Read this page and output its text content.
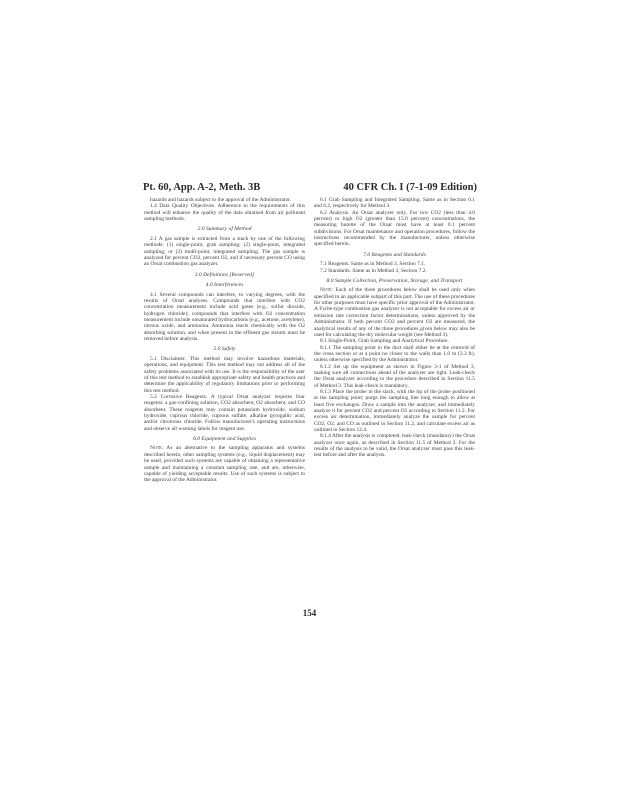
Pt. 60, App. A-2, Meth. 3B	40 CFR Ch. I (7-1-09 Edition)

hazards and hazards subject to the approval of the Administrator.

1.4 Data Quality Objectives. Adherence to the requirements of this method will enhance the quality of the data obtained from air pollutant sampling methods.

2.0 Summary of Method

2.1 A gas sample is extracted from a stack by one of the following methods: (1) single-point, grab sampling; (2) single-point, integrated sampling; or (3) multi-point, integrated sampling. The gas sample is analyzed for percent CO2, percent O2, and if necessary percent CO using an Orsat combustion gas analyzer.

3.0 Definitions [Reserved]
4.0 Interferences

4.1 Several compounds can interfere, to varying degrees, with the results of Orsat analyses. Compounds that interfere with CO2 concentration measurement include acid gases (e.g., sulfur dioxide, hydrogen chloride); compounds that interfere with O2 concentration measurement include unsaturated hydrocarbons (e.g., acetone, acetylene), nitrous oxide, and ammonia. Ammonia reacts chemically with the O2 absorbing solution, and when present in the effluent gas stream must be removed before analysis.

5.0 Safety

5.1 Disclaimer. This method may involve hazardous materials, operations, and equipment. This test method may not address all of the safety problems associated with its use. It is the responsibility of the user of this test method to establish appropriate safety and health practices and determine the applicability of regulatory limitations prior to performing this test method.

5.2 Corrosive Reagents. A typical Orsat analyzer requires four reagents: a gas-confining solution, CO2 absorbent, O2 absorbent, and CO absorbent. These reagents may contain potassium hydroxide, sodium hydroxide, cuprous chloride, cuprous sulfate, alkaline pyrogallic acid, and/or chromous chloride. Follow manufacturer's operating instructions and observe all warning labels for reagent use.

6.0 Equipment and Supplies

Note: As an alternative to the sampling apparatus and systems described herein, other sampling systems (e.g., liquid displacement) may be used, provided such systems are capable of obtaining a representative sample and maintaining a constant sampling rate, and are, otherwise, capable of yielding acceptable results. Use of such systems is subject to the approval of the Administrator.

6.1 Grab Sampling and Integrated Sampling. Same as in Section 6.1 and 6.2, respectively for Method 3.

6.2 Analysis. An Orsat analyzer only. For low CO2 (less than 4.0 percent) or high O2 (greater than 15.0 percent) concentrations, the measuring burette of the Orsat must have at least 0.1 percent subdivisions. For Orsat maintenance and operation procedures, follow the instructions recommended by the manufacturer, unless otherwise specified herein.

7.0 Reagents and Standards

7.1 Reagents. Same as in Method 3, Section 7.1.

7.2 Standards. Same as in Method 3, Section 7.2.

8.0 Sample Collection, Preservation, Storage, and Transport

Note: Each of the three procedures below shall be used only when specified in an applicable subpart of this part. The use of these procedures for other purposes must have specific prior approval of the Administrator. A Fyrite-type combustion gas analyzer is not acceptable for excess air or emission rate correction factor determinations, unless approved by the Administrator. If both percent CO2 and percent O2 are measured, the analytical results of any of the three procedures given below may also be used for calculating the dry molecular weight (see Method 3).

8.1 Single-Point, Grab Sampling and Analytical Procedure.

8.1.1 The sampling point in the duct shall either be at the centroid of the cross section or at a point no closer to the walls than 1.0 m (3.3 ft), unless otherwise specified by the Administrator.

8.1.2 Set up the equipment as shown in Figure 3-1 of Method 3, making sure all connections ahead of the analyzer are tight. Leak-check the Orsat analyzer according to the procedure described in Section 11.5 of Method 3. This leak-check is mandatory.

8.1.3 Place the probe in the stack, with the tip of the probe positioned at the sampling point; purge the sampling line long enough to allow at least five exchanges. Draw a sample into the analyzer, and immediately analyze it for percent CO2 and percent O2 according to Section 11.2. For excess air determination, immediately analyze the sample for percent CO2, O2, and CO as outlined in Section 11.2, and calculate excess air as outlined in Section 12.4.

8.1.4 After the analysis is completed, leak-check (mandatory) the Orsat analyzer once again, as described in Section 11.5 of Method 3. For the results of the analysis to be valid, the Orsat analyzer must pass this leak-test before and after the analysis.

154
